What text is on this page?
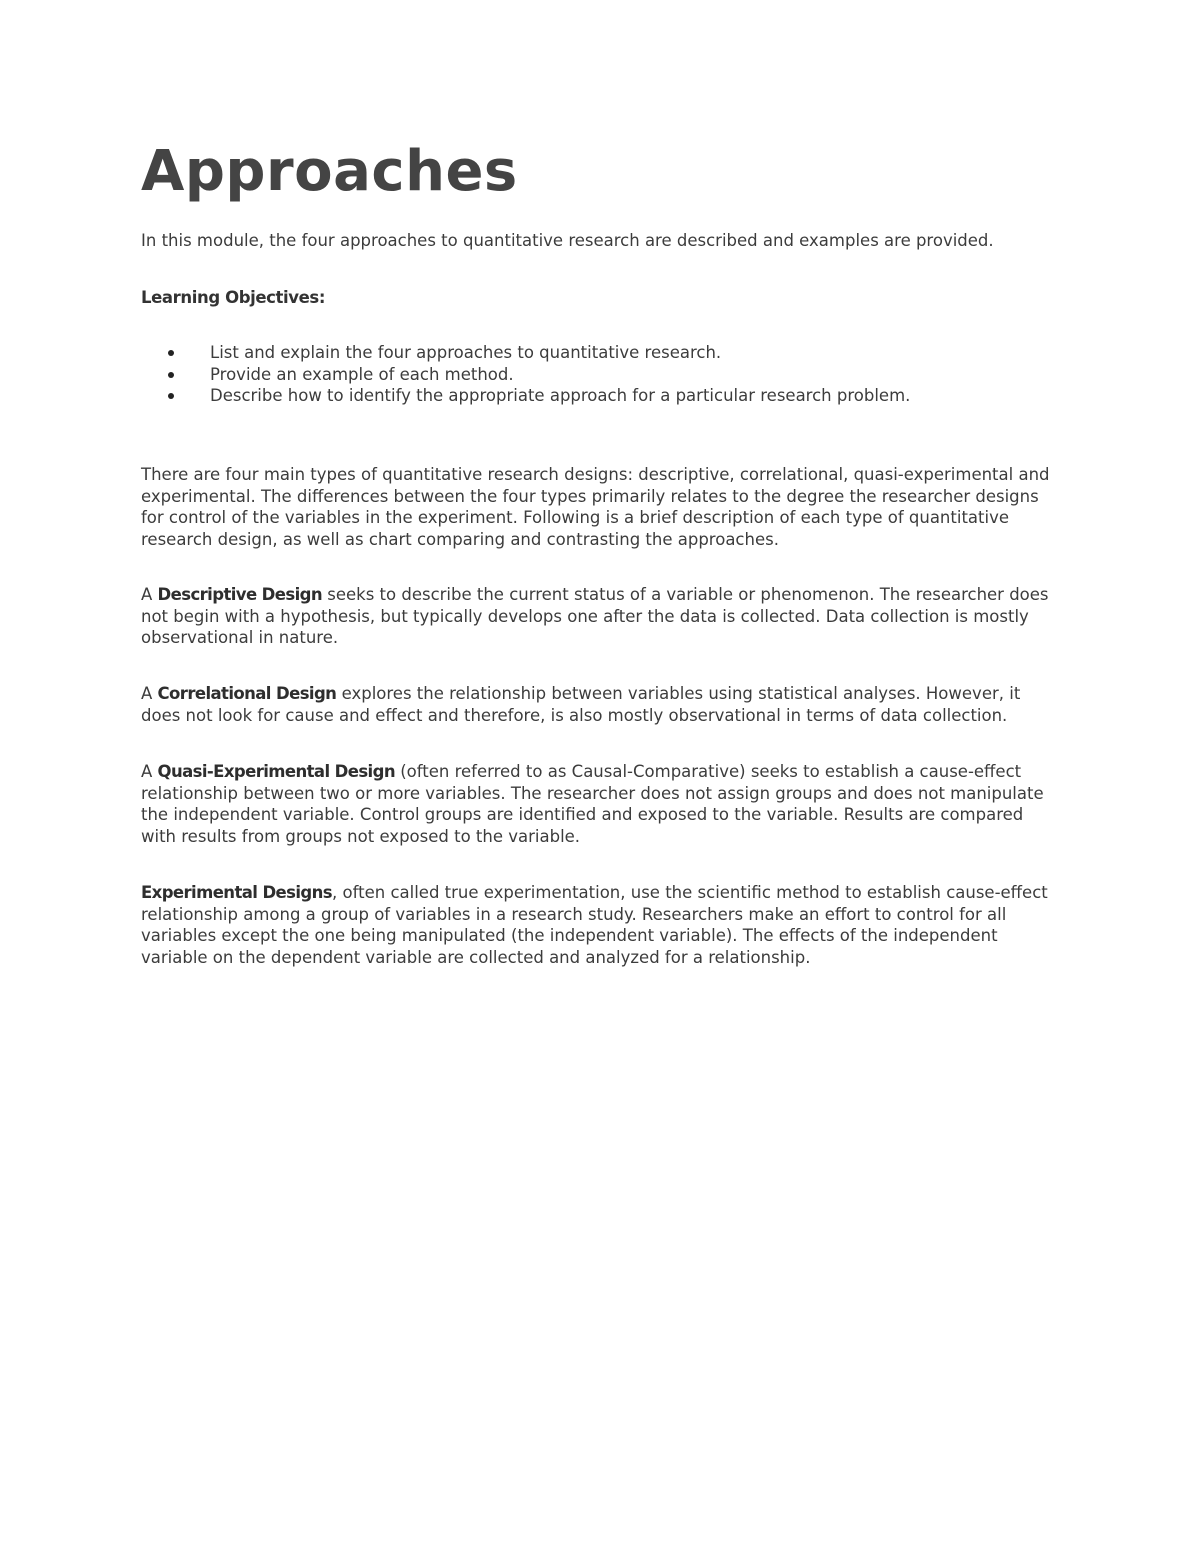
Approaches

In this module, the four approaches to quantitative research are described and examples are provided.

Learning Objectives:

List and explain the four approaches to quantitative research.
Provide an example of each method.
Describe how to identify the appropriate approach for a particular research problem.

There are four main types of quantitative research designs: descriptive, correlational, quasi-experimental and experimental. The differences between the four types primarily relates to the degree the researcher designs for control of the variables in the experiment. Following is a brief description of each type of quantitative research design, as well as chart comparing and contrasting the approaches.

A Descriptive Design seeks to describe the current status of a variable or phenomenon. The researcher does not begin with a hypothesis, but typically develops one after the data is collected. Data collection is mostly observational in nature.

A Correlational Design explores the relationship between variables using statistical analyses. However, it does not look for cause and effect and therefore, is also mostly observational in terms of data collection.

A Quasi-Experimental Design (often referred to as Causal-Comparative) seeks to establish a cause-effect relationship between two or more variables. The researcher does not assign groups and does not manipulate the independent variable. Control groups are identified and exposed to the variable. Results are compared with results from groups not exposed to the variable.

Experimental Designs, often called true experimentation, use the scientific method to establish cause-effect relationship among a group of variables in a research study. Researchers make an effort to control for all variables except the one being manipulated (the independent variable). The effects of the independent variable on the dependent variable are collected and analyzed for a relationship.
